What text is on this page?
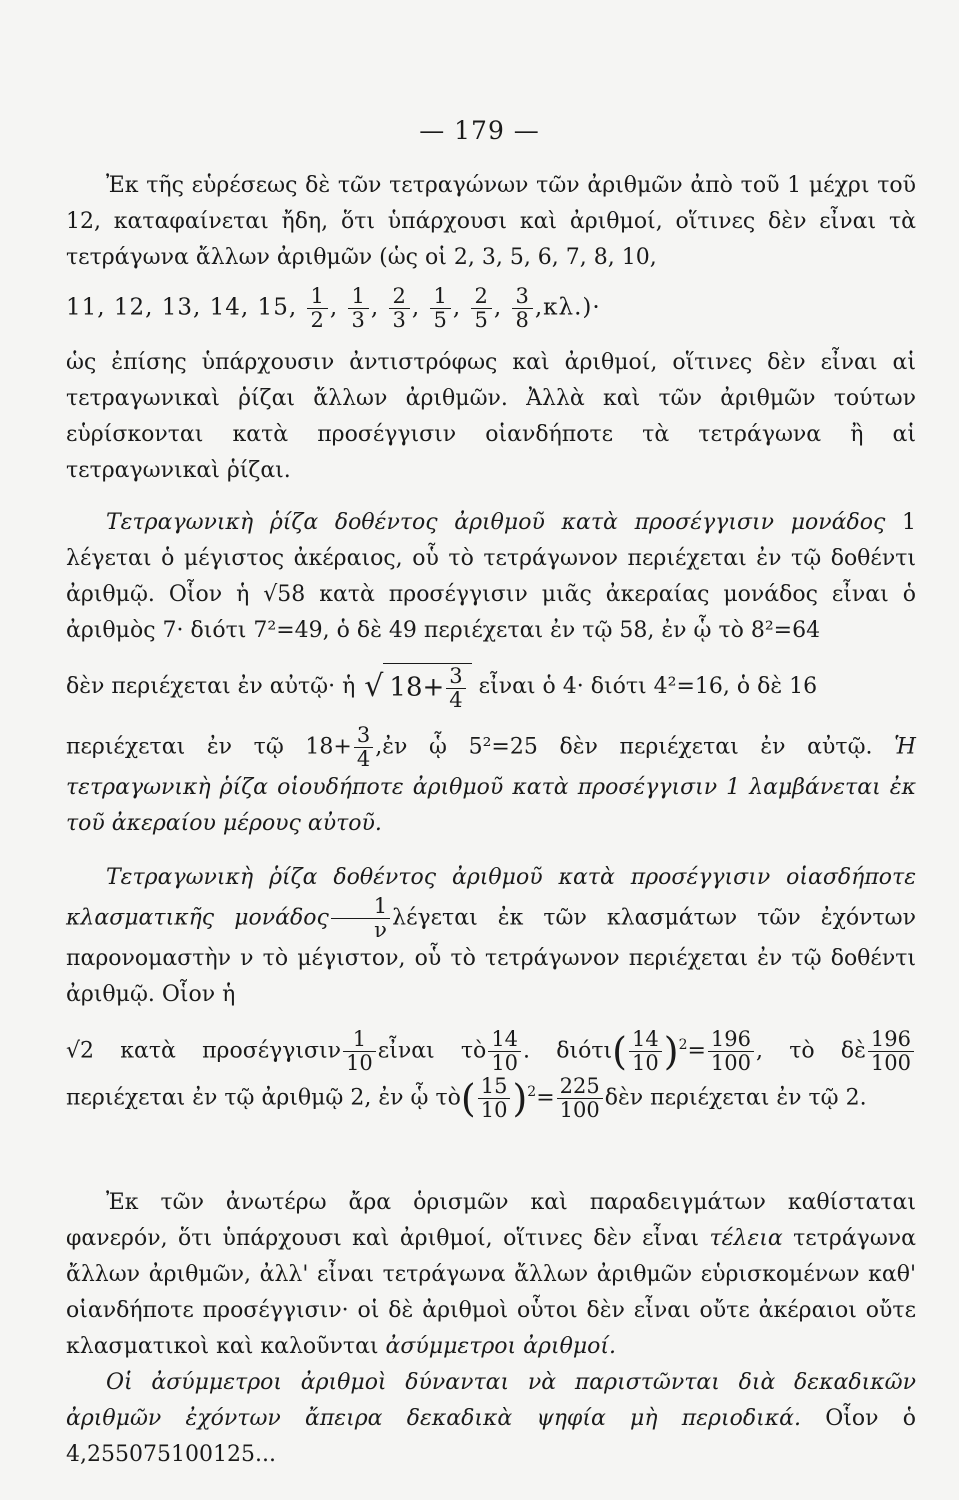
— 179 —

Ἐκ τῆς εὑρέσεως δὲ τῶν τετραγώνων τῶν ἀριθμῶν ἀπὸ τοῦ 1 μέχρι τοῦ 12, καταφαίνεται ἤδη, ὅτι ὑπάρχουσι καὶ ἀριθμοί, οἵτινες δὲν εἶναι τὰ τετράγωνα ἄλλων ἀριθμῶν (ὡς οἱ 2, 3, 5, 6, 7, 8, 10,

11, 12, 13, 14, 15, $\frac{1}{2}$ , $\frac{1}{3}$ , $\frac{2}{3}$ , $\frac{1}{5}$ , $\frac{2}{5}$ , $\frac{3}{8} ,\kappa\lambda.)\cdot$

ὡς ἐπίσης ὑπάρχουσιν ἀντιστρόφως καὶ ἀριθμοί, οἵτινες δὲν εἶναι αἱ τετραγωνικαὶ ῥίζαι ἄλλων ἀριθμῶν. Ἀλλὰ καὶ τῶν ἀριθμῶν τούτων εὑρίσκονται κατὰ προσέγγισιν οἱανδήποτε τὰ τετράγωνα ἢ αἱ τετραγωνικαὶ ῥίζαι.

Τετραγωνικὴ ῥίζα δοθέντος ἀριθμοῦ κατὰ προσέγγισιν μονάδος 1 λέγεται ὁ μέγιστος ἀκέραιος, οὗ τὸ τετράγωνον περιέχεται ἐν τῷ δοθέντι ἀριθμῷ. Οἷον ἡ √58 κατὰ προσέγγισιν μιᾶς ἀκεραίας μονάδος εἶναι ὁ ἀριθμὸς 7· διότι 7²=49, ὁ δὲ 49 περιέχεται ἐν τῷ 58, ἐν ᾧ τὸ 8²=64

δὲν περιέχεται ἐν αὐτῷ· ἡ √ $18+ \frac{3}{4}$ εἶναι ὁ 4· διότι 4²=16, ὁ δὲ 16

περιέχεται ἐν τῷ $18+ \frac{3}{4}$ ,ἐν ᾧ 5²=25 δὲν περιέχεται ἐν αὐτῷ. Ἡ τετραγωνικὴ ῥίζα οἱουδήποτε ἀριθμοῦ κατὰ προσέγγισιν 1 λαμβάνεται ἐκ τοῦ ἀκεραίου μέρους αὐτοῦ.

Τετραγωνικὴ ῥίζα δοθέντος ἀριθμοῦ κατὰ προσέγγισιν οἱασδήποτε κλασματικῆς μονάδος $\frac{1}{\nu}$ λέγεται ἐκ τῶν κλασμάτων τῶν ἐχόντων παρονομαστὴν ν τὸ μέγιστον, οὗ τὸ τετράγωνον περιέχεται ἐν τῷ δοθέντι ἀριθμῷ. Οἷον ἡ

√2 κατὰ προσέγγισιν $\frac{1}{10}$ εἶναι τὸ $\frac{14}{10}$ . $\delta\iota ό\tau\iota( \frac{14}{10} )^2= \frac{196}{100}$ , τὸ δὲ $\frac{196}{100}$
περιέχεται ἐν τῷ ἀριθμῷ 2, ἐν ᾧ τὸ( $\frac{15}{10} )^2= \frac{225}{100}$ δὲν περιέχεται ἐν τῷ 2.

Ἐκ τῶν ἀνωτέρω ἄρα ὁρισμῶν καὶ παραδειγμάτων καθίσταται φανερόν, ὅτι ὑπάρχουσι καὶ ἀριθμοί, οἵτινες δὲν εἶναι τέλεια τετράγωνα ἄλλων ἀριθμῶν, ἀλλ' εἶναι τετράγωνα ἄλλων ἀριθμῶν εὑρισκομένων καθ' οἱανδήποτε προσέγγισιν· οἱ δὲ ἀριθμοὶ οὗτοι δὲν εἶναι οὔτε ἀκέραιοι οὔτε κλασματικοὶ καὶ καλοῦνται ἀσύμμετροι ἀριθμοί.

Οἱ ἀσύμμετροι ἀριθμοὶ δύνανται νὰ παριστῶνται διὰ δεκαδικῶν ἀριθμῶν ἐχόντων ἄπειρα δεκαδικὰ ψηφία μὴ περιοδικά. Οἷον ὁ 4,255075100125...
